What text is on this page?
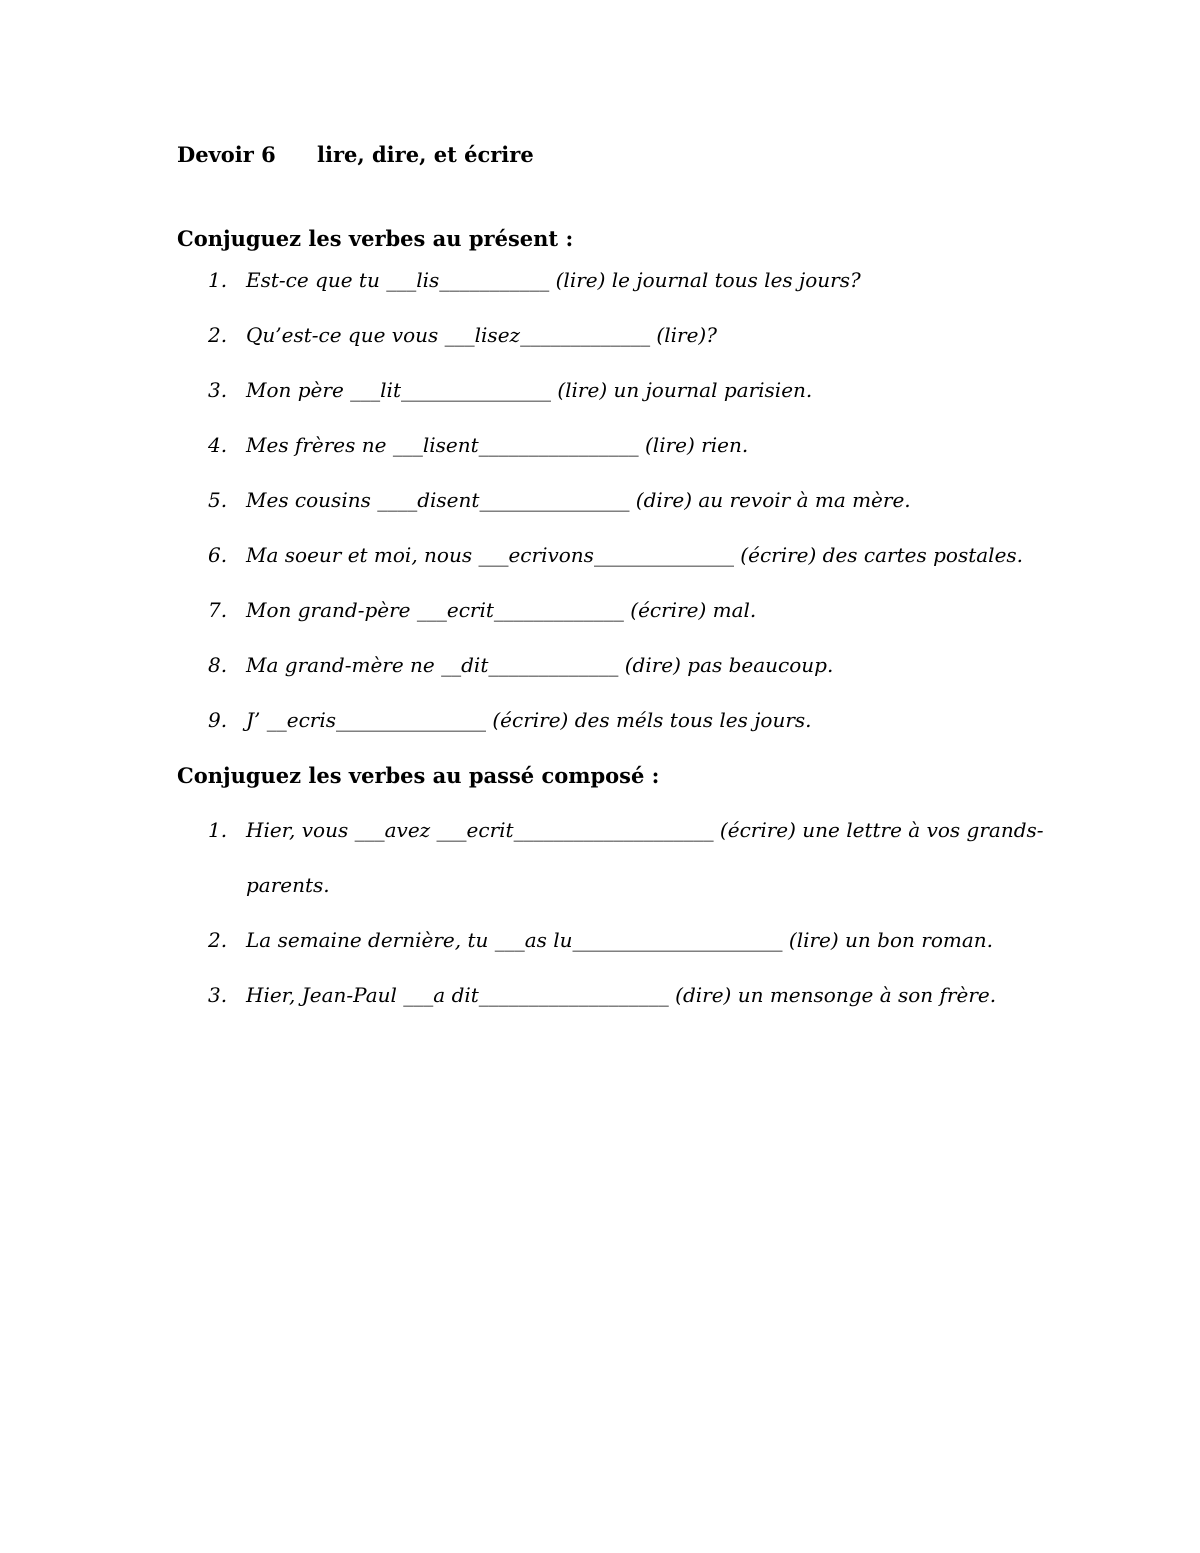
Devoir 6 lire, dire, et écrire
Conjuguez les verbes au présent :
1. Est-ce que tu ___lis___________ (lire) le journal tous les jours?
2. Qu’est-ce que vous ___lisez_____________ (lire)?
3. Mon père ___lit_______________ (lire) un journal parisien.
4. Mes frères ne ___lisent________________ (lire) rien.
5. Mes cousins ____disent_______________ (dire) au revoir à ma mère.
6. Ma soeur et moi, nous ___ecrivons______________ (écrire) des cartes postales.
7. Mon grand-père ___ecrit_____________ (écrire) mal.
8. Ma grand-mère ne __dit_____________ (dire) pas beaucoup.
9. J’ __ecris_______________ (écrire) des méls tous les jours.
Conjuguez les verbes au passé composé :
1. Hier, vous ___avez ___ecrit____________________ (écrire) une lettre à vos grands-
parents.
2. La semaine dernière, tu ___as lu_____________________ (lire) un bon roman.
3. Hier, Jean-Paul ___a dit___________________ (dire) un mensonge à son frère.
